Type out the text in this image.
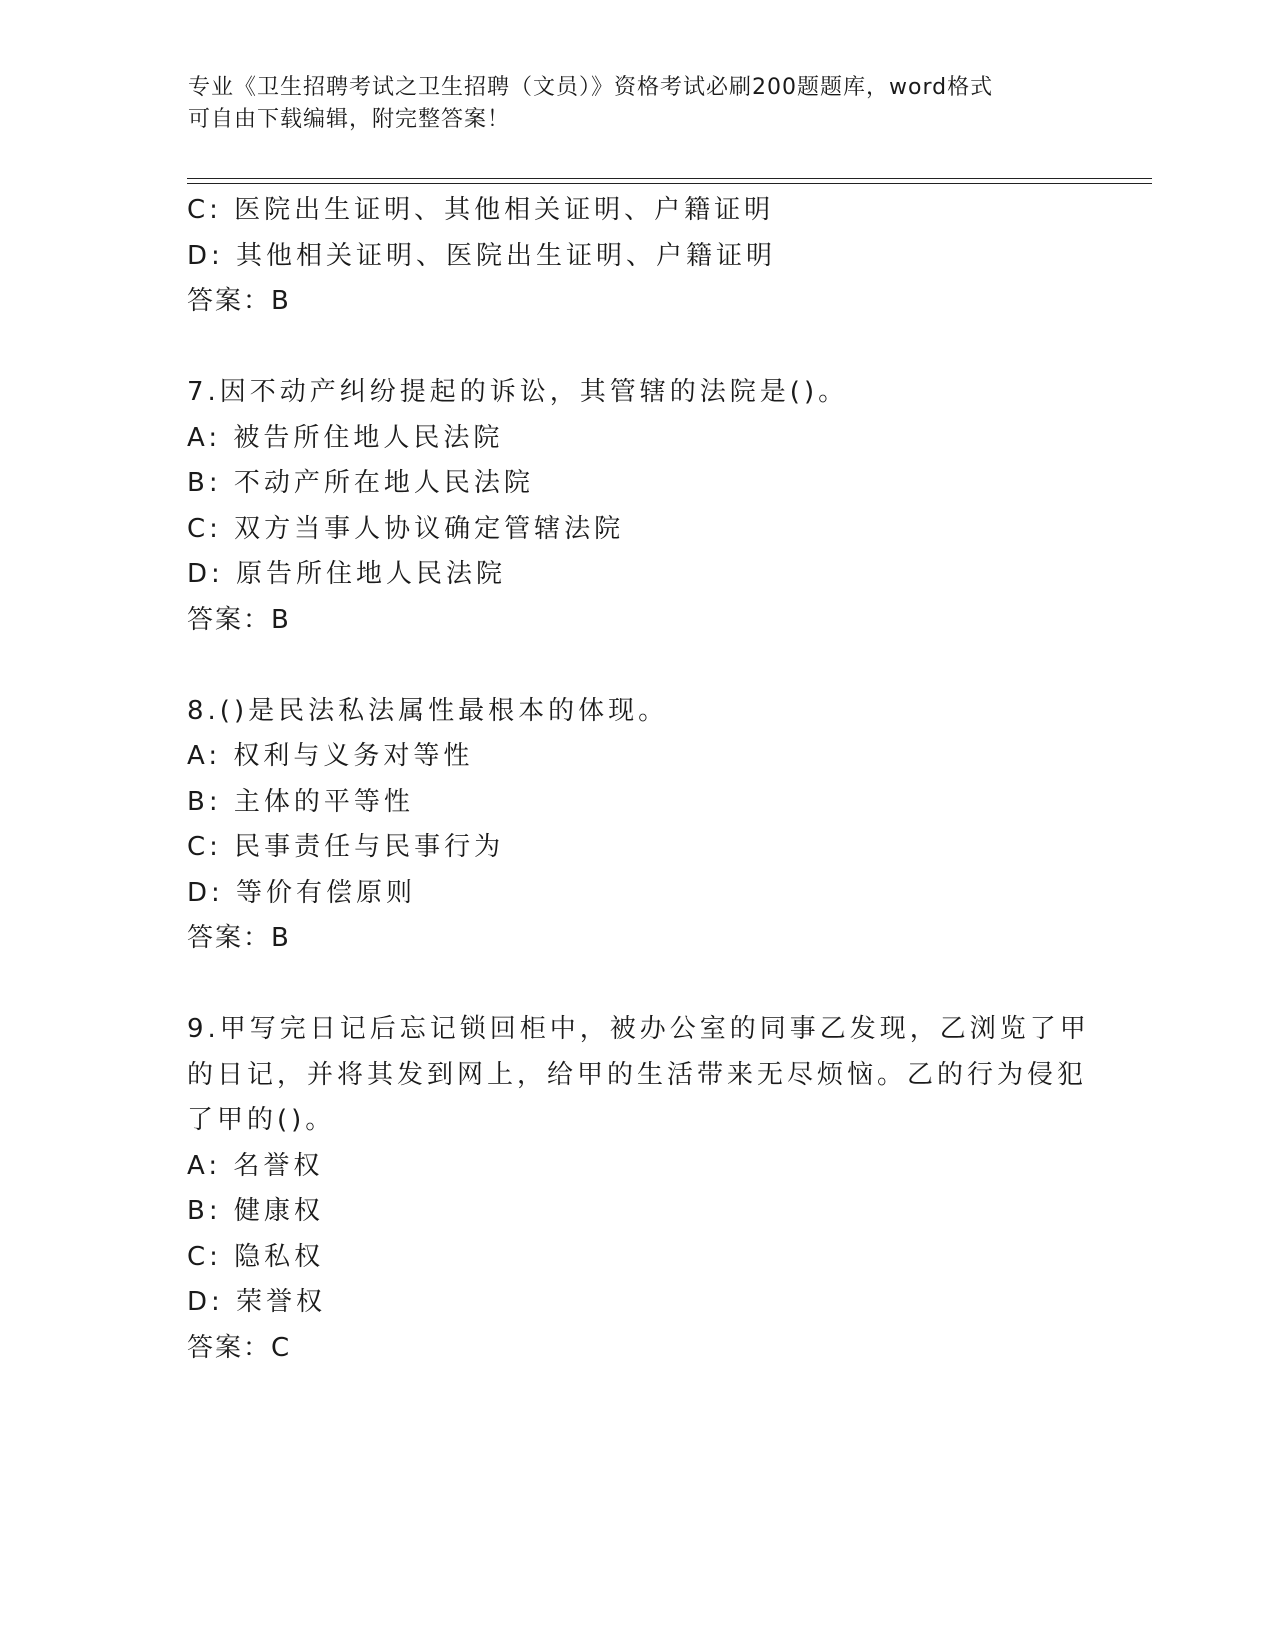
专业《卫生招聘考试之卫生招聘（文员）》资格考试必刷200题题库，word格式
可自由下载编辑，附完整答案！
C: 医院出生证明、其他相关证明、户籍证明
D: 其他相关证明、医院出生证明、户籍证明
答案：B
7.因不动产纠纷提起的诉讼，其管辖的法院是()。
A: 被告所住地人民法院
B: 不动产所在地人民法院
C: 双方当事人协议确定管辖法院
D: 原告所住地人民法院
答案：B
8.()是民法私法属性最根本的体现。
A: 权利与义务对等性
B: 主体的平等性
C: 民事责任与民事行为
D: 等价有偿原则
答案：B
9.甲写完日记后忘记锁回柜中，被办公室的同事乙发现，乙浏览了甲
的日记，并将其发到网上，给甲的生活带来无尽烦恼。乙的行为侵犯
了甲的()。
A: 名誉权
B: 健康权
C: 隐私权
D: 荣誉权
答案：C
